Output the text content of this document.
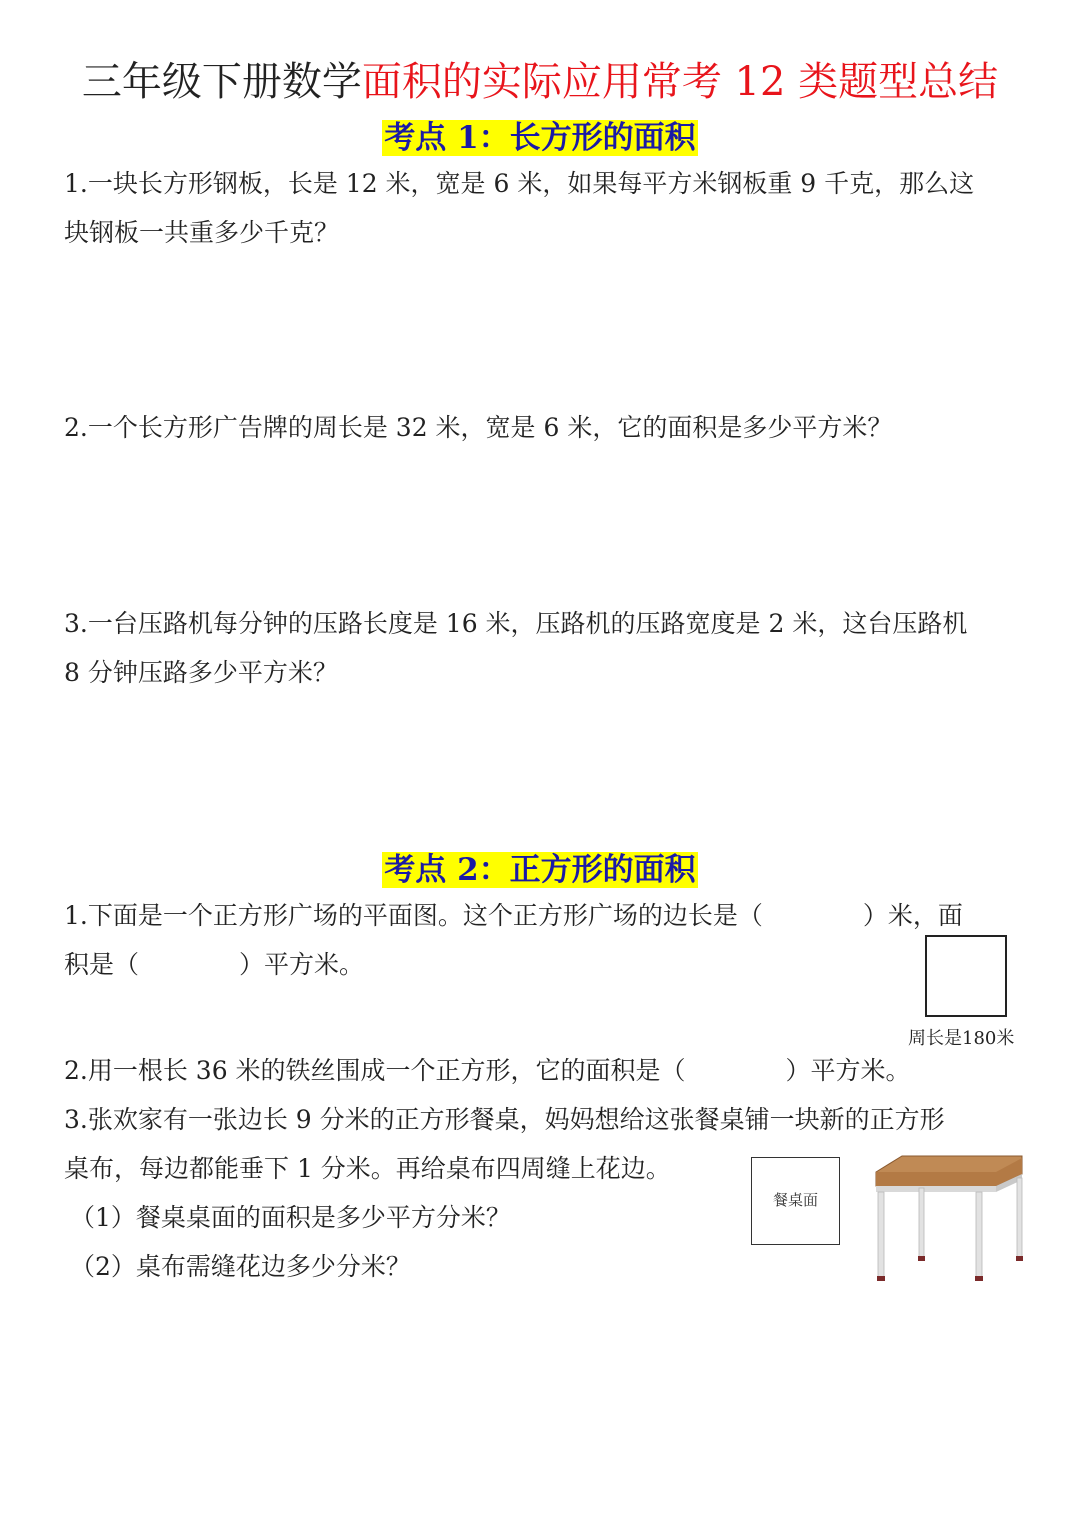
三年级下册数学面积的实际应用常考 12 类题型总结
考点 1：长方形的面积
1.一块长方形钢板，长是 12 米，宽是 6 米，如果每平方米钢板重 9 千克，那么这
块钢板一共重多少千克？
2.一个长方形广告牌的周长是 32 米，宽是 6 米，它的面积是多少平方米？
3.一台压路机每分钟的压路长度是 16 米，压路机的压路宽度是 2 米，这台压路机
8 分钟压路多少平方米？
考点 2：正方形的面积
1.下面是一个正方形广场的平面图。这个正方形广场的边长是（　　　　）米，面
积是（　　　　）平方米。
周长是180米
2.用一根长 36 米的铁丝围成一个正方形，它的面积是（　　　　）平方米。
3.张欢家有一张边长 9 分米的正方形餐桌，妈妈想给这张餐桌铺一块新的正方形
桌布，每边都能垂下 1 分米。再给桌布四周缝上花边。
（1）餐桌桌面的面积是多少平方分米？
（2）桌布需缝花边多少分米？
餐桌面
